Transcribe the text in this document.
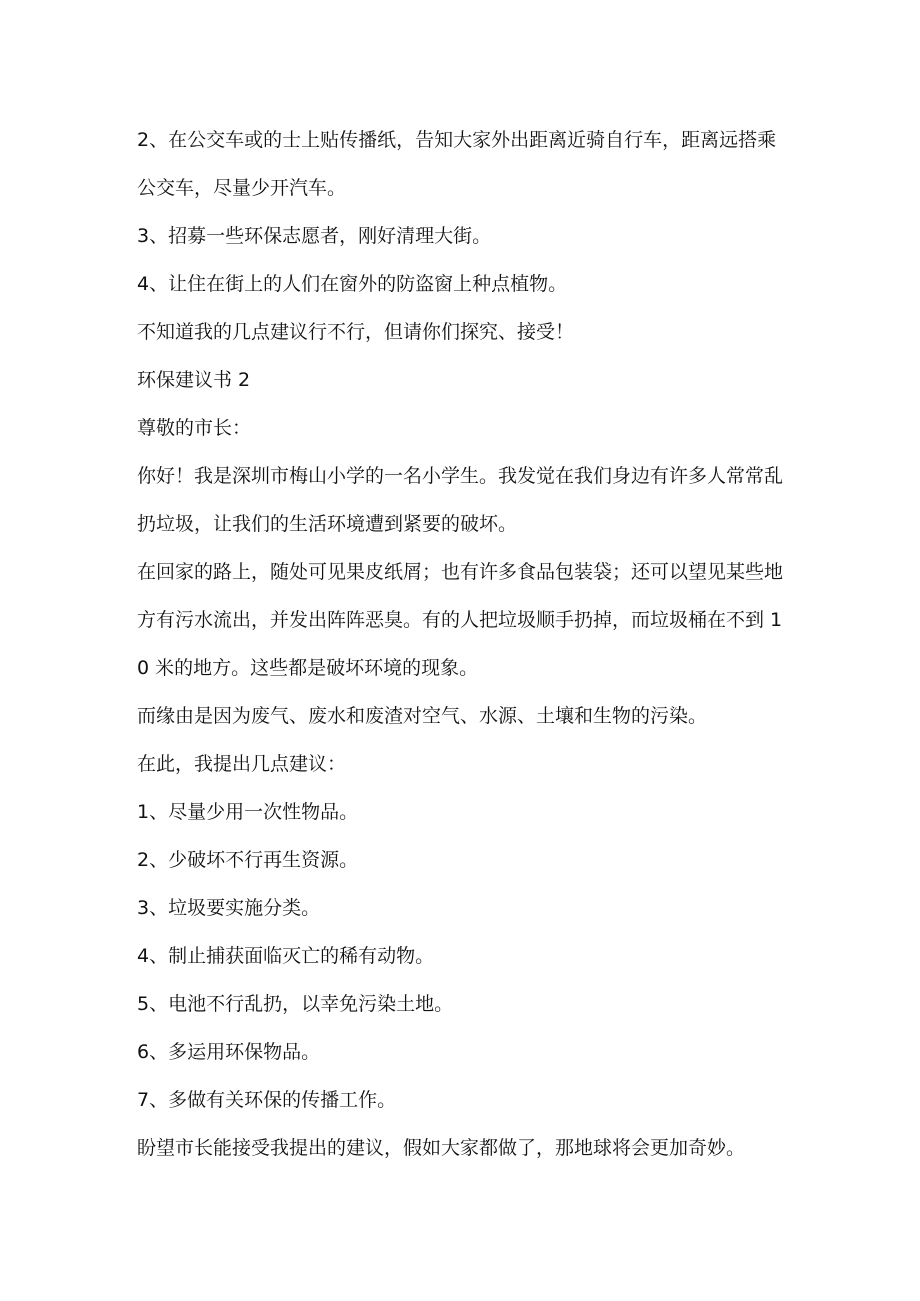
2、在公交车或的士上贴传播纸，告知大家外出距离近骑自行车，距离远搭乘公交车，尽量少开汽车。

3、招募一些环保志愿者，刚好清理大街。

4、让住在街上的人们在窗外的防盗窗上种点植物。

不知道我的几点建议行不行，但请你们探究、接受！

环保建议书 2

尊敬的市长：

你好！我是深圳市梅山小学的一名小学生。我发觉在我们身边有许多人常常乱扔垃圾，让我们的生活环境遭到紧要的破坏。

在回家的路上，随处可见果皮纸屑；也有许多食品包装袋；还可以望见某些地方有污水流出，并发出阵阵恶臭。有的人把垃圾顺手扔掉，而垃圾桶在不到 10 米的地方。这些都是破坏环境的现象。

而缘由是因为废气、废水和废渣对空气、水源、土壤和生物的污染。

在此，我提出几点建议：

1、尽量少用一次性物品。

2、少破坏不行再生资源。

3、垃圾要实施分类。

4、制止捕获面临灭亡的稀有动物。

5、电池不行乱扔，以幸免污染土地。

6、多运用环保物品。

7、多做有关环保的传播工作。

盼望市长能接受我提出的建议，假如大家都做了，那地球将会更加奇妙。
